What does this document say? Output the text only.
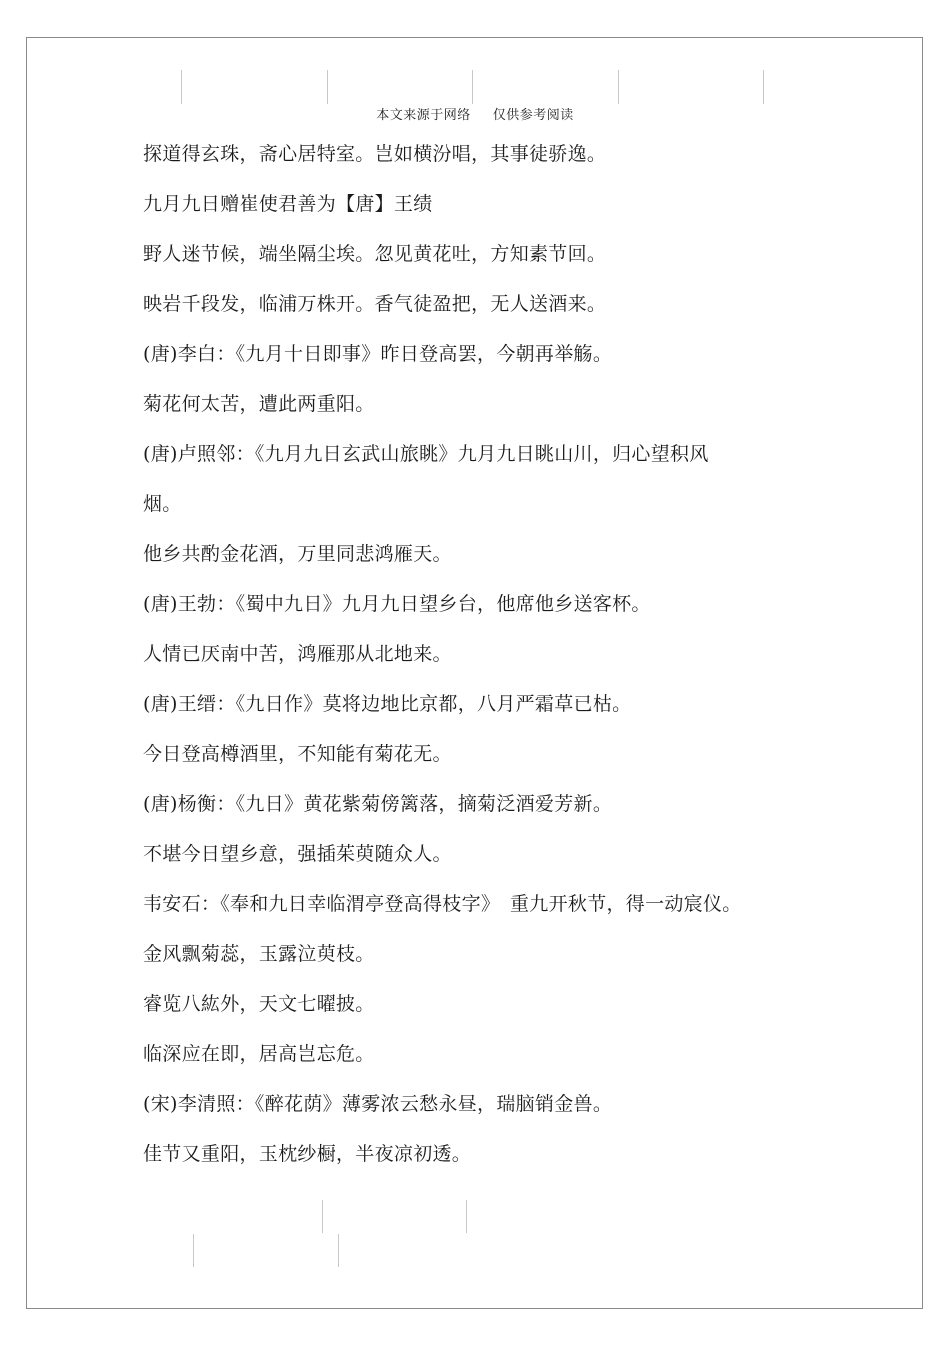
本文来源于网络 仅供参考阅读
探道得玄珠，斋心居特室。岂如横汾唱，其事徒骄逸。
九月九日赠崔使君善为【唐】王绩
野人迷节候，端坐隔尘埃。忽见黄花吐，方知素节回。
映岩千段发，临浦万株开。香气徒盈把，无人送酒来。
(唐)李白：《九月十日即事》昨日登高罢，今朝再举觞。
菊花何太苦，遭此两重阳。
(唐)卢照邻：《九月九日玄武山旅眺》九月九日眺山川，归心望积风
烟。
他乡共酌金花酒，万里同悲鸿雁天。
(唐)王勃：《蜀中九日》九月九日望乡台，他席他乡送客杯。
人情已厌南中苦，鸿雁那从北地来。
(唐)王缙：《九日作》莫将边地比京都，八月严霜草已枯。
今日登高樽酒里，不知能有菊花无。
(唐)杨衡：《九日》黄花紫菊傍篱落，摘菊泛酒爱芳新。
不堪今日望乡意，强插茱萸随众人。
韦安石：《奉和九日幸临渭亭登高得枝字》　重九开秋节，得一动宸仪。
金风飘菊蕊，玉露泣萸枝。
睿览八紘外，天文七曜披。
临深应在即，居高岂忘危。
(宋)李清照：《醉花荫》薄雾浓云愁永昼，瑞脑销金兽。
佳节又重阳，玉枕纱橱，半夜凉初透。
